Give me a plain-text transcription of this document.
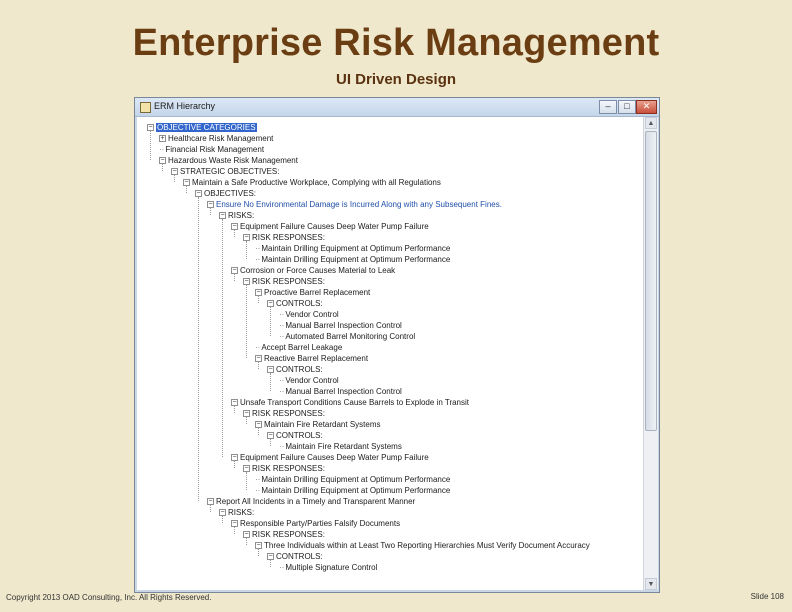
Enterprise Risk Management
UI Driven Design
ERM Hierarchy	–	□	✕
− OBJECTIVE CATEGORIES
+ Healthcare Risk Management
··Financial Risk Management
− Hazardous Waste Risk Management
− STRATEGIC OBJECTIVES:
− Maintain a Safe Productive Workplace, Complying with all Regulations
− OBJECTIVES:
− Ensure No Environmental Damage is Incurred Along with any Subsequent Fines.
− RISKS:
− Equipment Failure Causes Deep Water Pump Failure
− RISK RESPONSES:
··Maintain Drilling Equipment at Optimum Performance
··Maintain Drilling Equipment at Optimum Performance
− Corrosion or Force Causes Material to Leak
− RISK RESPONSES:
− Proactive Barrel Replacement
− CONTROLS:
··Vendor Control
··Manual Barrel Inspection Control
··Automated Barrel Monitoring Control
··Accept Barrel Leakage
− Reactive Barrel Replacement
− CONTROLS:
··Vendor Control
··Manual Barrel Inspection Control
− Unsafe Transport Conditions Cause Barrels to Explode in Transit
− RISK RESPONSES:
− Maintain Fire Retardant Systems
− CONTROLS:
··Maintain Fire Retardant Systems
− Equipment Failure Causes Deep Water Pump Failure
− RISK RESPONSES:
··Maintain Drilling Equipment at Optimum Performance
··Maintain Drilling Equipment at Optimum Performance
− Report All Incidents in a Timely and Transparent Manner
− RISKS:
− Responsible Party/Parties Falsify Documents
− RISK RESPONSES:
− Three Individuals within at Least Two Reporting Hierarchies Must Verify Document Accuracy
− CONTROLS:
··Multiple Signature Control
▲
▼
Copyright 2013 OAD Consulting, Inc. All Rights Reserved.	Slide 108
